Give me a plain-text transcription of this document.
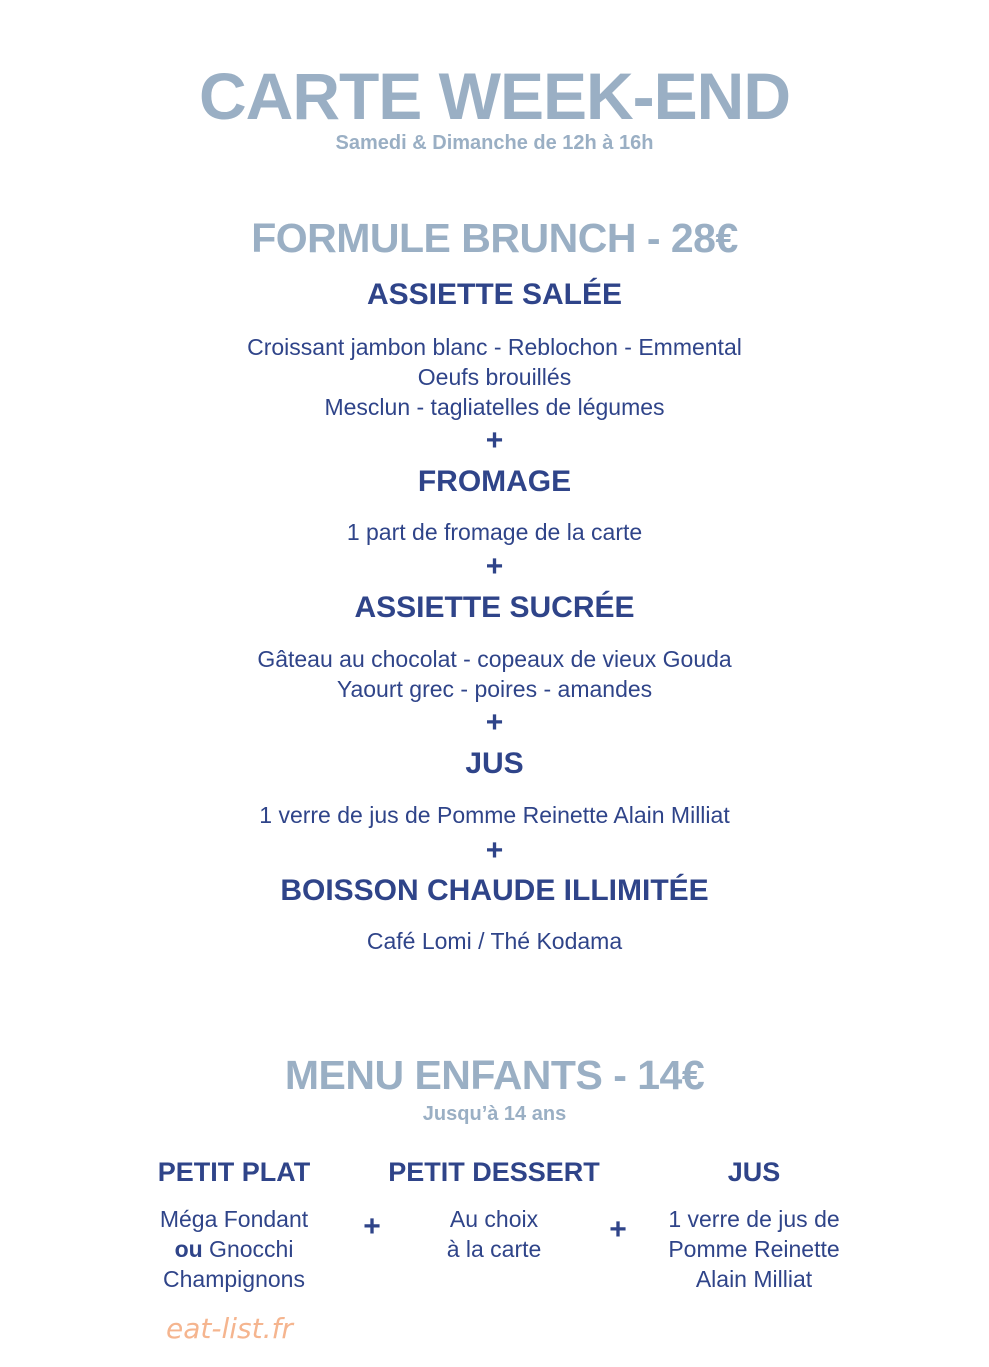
CARTE WEEK-END
Samedi & Dimanche de 12h à 16h
FORMULE BRUNCH - 28€
ASSIETTE SALÉE
Croissant jambon blanc - Reblochon - Emmental
Oeufs brouillés
Mesclun - tagliatelles de légumes
+
FROMAGE
1 part de fromage de la carte
+
ASSIETTE SUCRÉE
Gâteau au chocolat - copeaux de vieux Gouda
Yaourt grec - poires - amandes
+
JUS
1 verre de jus de Pomme Reinette Alain Milliat
+
BOISSON CHAUDE ILLIMITÉE
Café Lomi / Thé Kodama
MENU ENFANTS - 14€
Jusqu’à 14 ans
PETIT PLAT
Méga Fondant
ou Gnocchi
Champignons
+
PETIT DESSERT
Au choix
à la carte
+
JUS
1 verre de jus de
Pomme Reinette
Alain Milliat
eat-list.fr
